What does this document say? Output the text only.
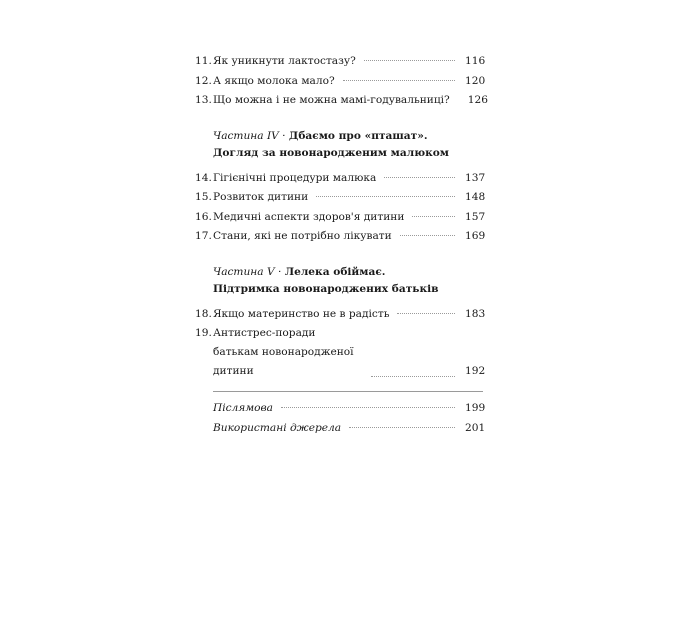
11. Як уникнути лактостазу?	116
12. А якщо молока мало?	120
13. Що можна і не можна мамі-годувальниці? 126
Частина IV · Дбаємо про «пташат».
Догляд за новонародженим малюком
14. Гігієнічні процедури малюка	137
15. Розвиток дитини	148
16. Медичні аспекти здоров'я дитини	157
17. Стани, які не потрібно лікувати	169
Частина V · Лелека обіймає.
Підтримка новонароджених батьків
18. Якщо материнство не в радість	183
19. Антистрес-поради батькам новонародженої дитини	192
Післямова	199
Використані джерела	201
